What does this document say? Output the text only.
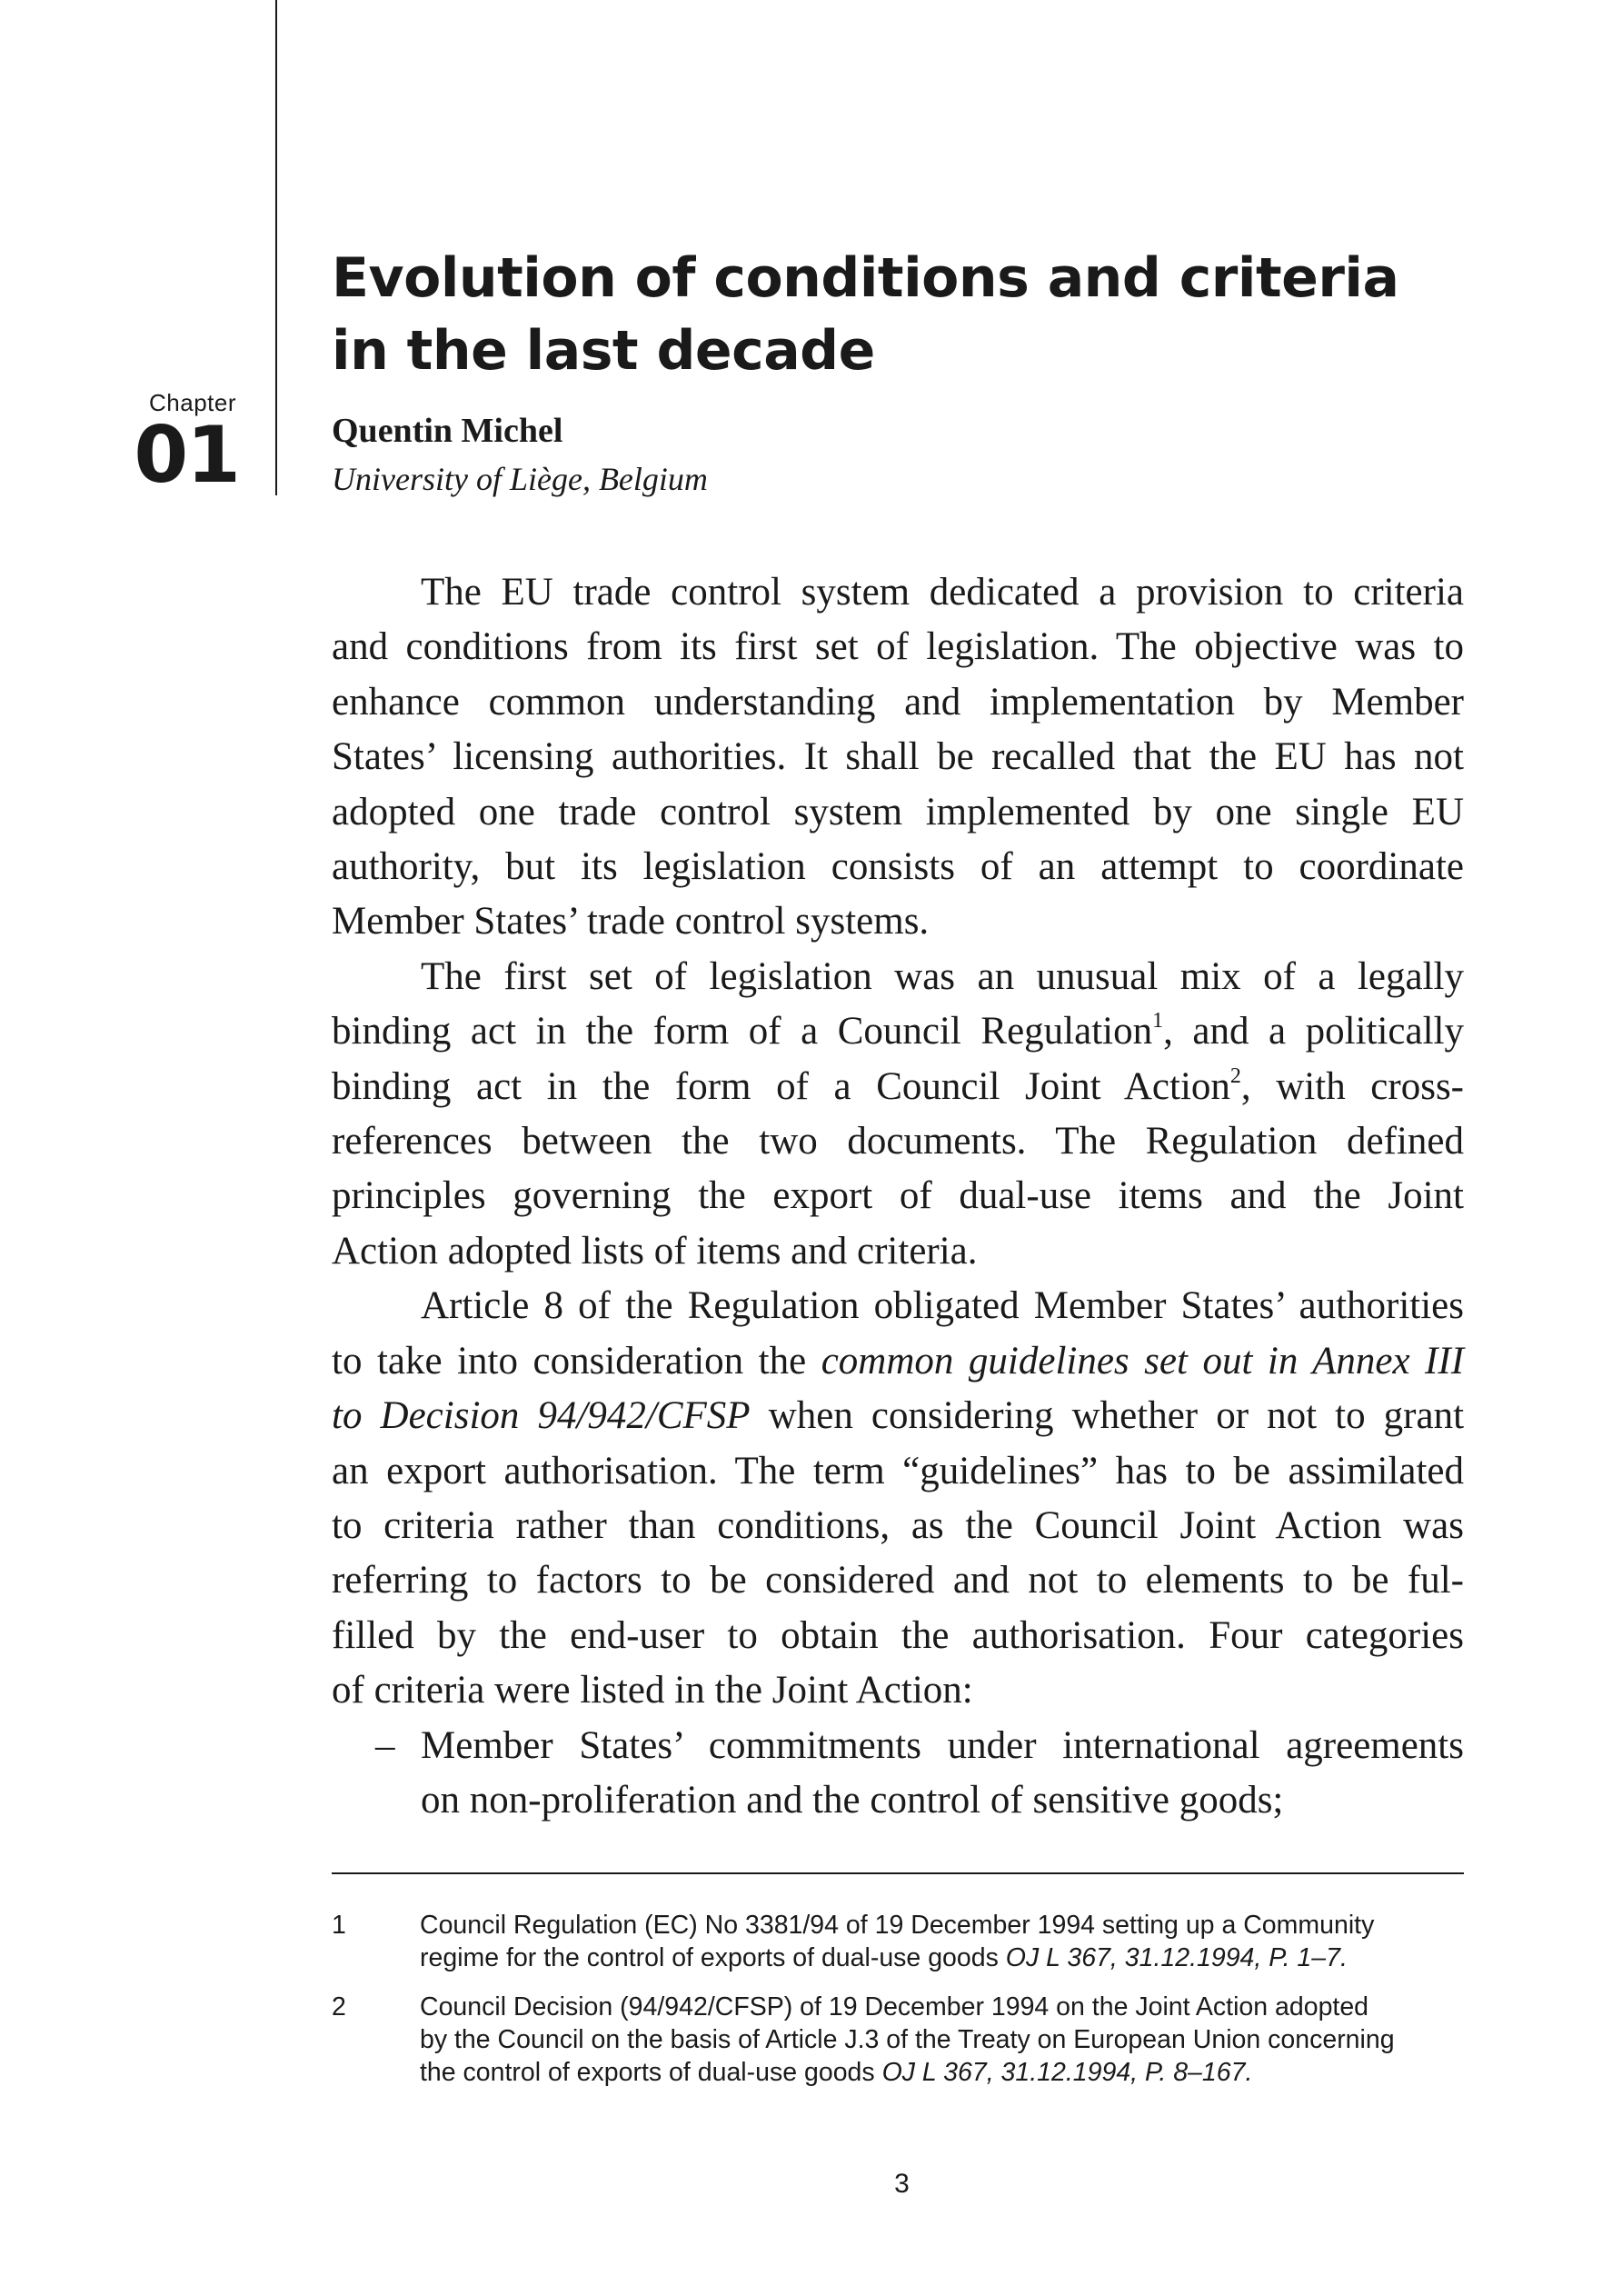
Chapter
01
Evolution of conditions and criteria
in the last decade
Quentin Michel
University of Liège, Belgium
The EU trade control system dedicated a provision to criteria
and conditions from its first set of legislation. The objective was to
enhance common understanding and implementation by Member
States’ licensing authorities. It shall be recalled that the EU has not
adopted one trade control system implemented by one single EU
authority, but its legislation consists of an attempt to coordinate
Member States’ trade control systems.
The first set of legislation was an unusual mix of a legally
binding act in the form of a Council Regulation$^1$, and a politically
binding act in the form of a Council Joint Action$^2$, with cross-
references between the two documents. The Regulation defined
principles governing the export of dual-use items and the Joint
Action adopted lists of items and criteria.
Article 8 of the Regulation obligated Member States’ authorities
to take into consideration the common guidelines set out in Annex III
to Decision 94/942/CFSP when considering whether or not to grant
an export authorisation. The term “guidelines” has to be assimilated
to criteria rather than conditions, as the Council Joint Action was
referring to factors to be considered and not to elements to be ful-
filled by the end-user to obtain the authorisation. Four categories
of criteria were listed in the Joint Action:
– Member States’ commitments under international agreements
on non-proliferation and the control of sensitive goods;
1	Council Regulation (EC) No 3381/94 of 19 December 1994 setting up a Community
regime for the control of exports of dual-use goods OJ L 367, 31.12.1994, P. 1–7.
2	Council Decision (94/942/CFSP) of 19 December 1994 on the Joint Action adopted
by the Council on the basis of Article J.3 of the Treaty on European Union concerning
the control of exports of dual-use goods OJ L 367, 31.12.1994, P. 8–167.
3
